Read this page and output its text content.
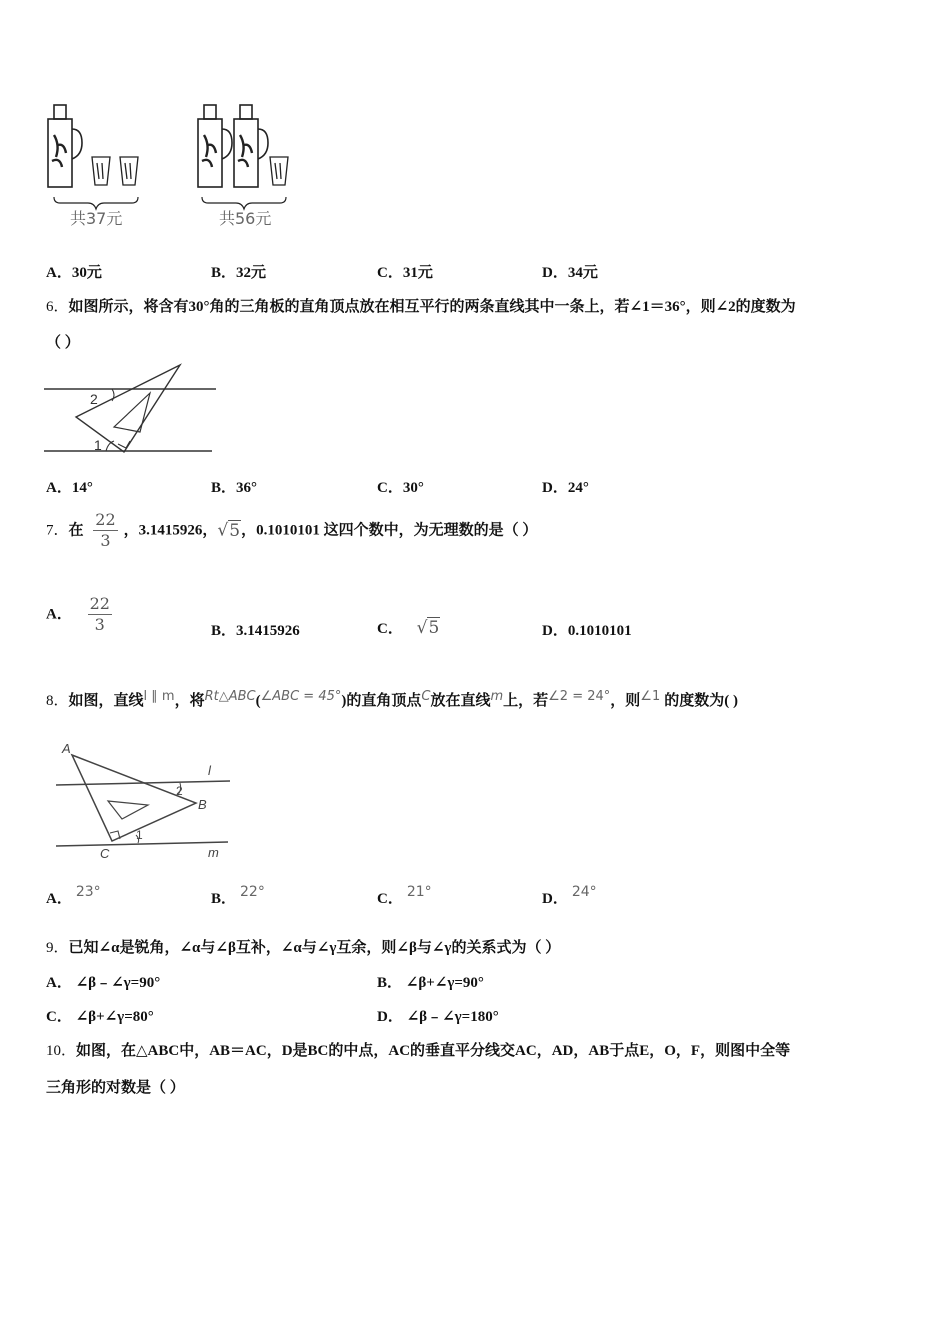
共37元	共56元
A．30元	B．32元	C．31元	D．34元
6．如图所示，将含有30°角的三角板的直角顶点放在相互平行的两条直线其中一条上，若∠1＝36°，则∠2的度数为
（ ）
2
1
A．14°	B．36°	C．30°	D．24°
7．在 $\frac{22}{3}$ ，3.1415926，√5，0.1010101 这四个数中，为无理数的是（ ）
A． $\frac{22}{3}$	B．3.1415926	C． √5	D．0.1010101
8．如图，直线l ∥ m，将Rt△ABC(∠ABC = 45°)的直角顶点C放在直线m上，若∠2 = 24°，则∠1 的度数为( )
A
B
C
l
m
2
1
A． 23°	B． 22°	C． 21°	D． 24°
9．已知∠α是锐角，∠α与∠β互补，∠α与∠γ互余，则∠β与∠γ的关系式为（ ）
A． ∠β﹣∠γ=90°	B． ∠β+∠γ=90°
C． ∠β+∠γ=80°	D． ∠β﹣∠γ=180°
10．如图，在△ABC中，AB＝AC，D是BC的中点，AC的垂直平分线交AC，AD，AB于点E，O，F，则图中全等
三角形的对数是（ ）
